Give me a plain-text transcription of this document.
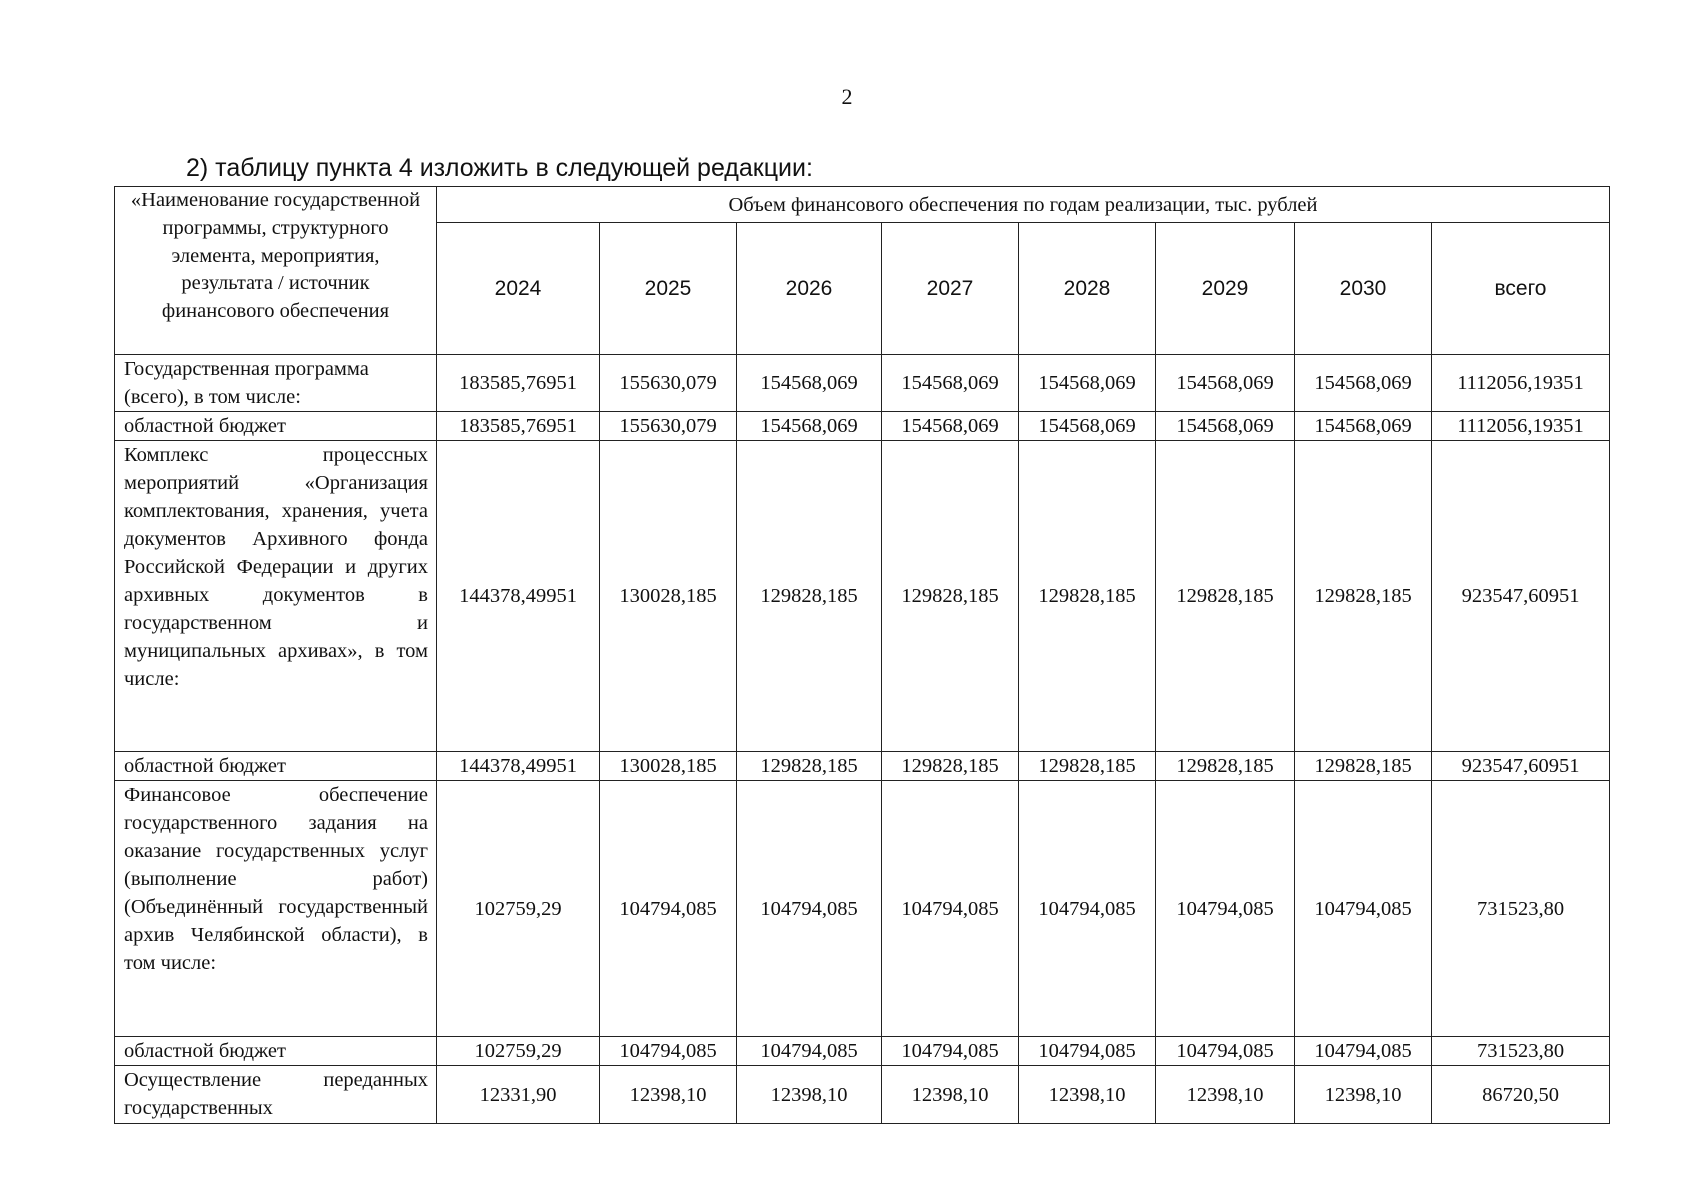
2
2) таблицу пункта 4 изложить в следующей редакции:
«Наименование государственной программы, структурного элемента, мероприятия, результата / источник финансового обеспечения	Объем финансового обеспечения по годам реализации, тыс. рублей							
	2024	2025	2026	2027	2028	2029	2030	всего
Государственная программа (всего), в том числе:	183585,76951	155630,079	154568,069	154568,069	154568,069	154568,069	154568,069	1112056,19351
областной бюджет	183585,76951	155630,079	154568,069	154568,069	154568,069	154568,069	154568,069	1112056,19351
Комплекс процессных мероприятий «Организация комплектования, хранения, учета документов Архивного фонда Российской Федерации и других архивных документов в государственном и муниципальных архивах», в том числе:	144378,49951	130028,185	129828,185	129828,185	129828,185	129828,185	129828,185	923547,60951
областной бюджет	144378,49951	130028,185	129828,185	129828,185	129828,185	129828,185	129828,185	923547,60951
Финансовое обеспечение государственного задания на оказание государственных услуг (выполнение работ) (Объединённый государственный архив Челябинской области), в том числе:	102759,29	104794,085	104794,085	104794,085	104794,085	104794,085	104794,085	731523,80
областной бюджет	102759,29	104794,085	104794,085	104794,085	104794,085	104794,085	104794,085	731523,80
Осуществление переданных государственных	12331,90	12398,10	12398,10	12398,10	12398,10	12398,10	12398,10	86720,50
